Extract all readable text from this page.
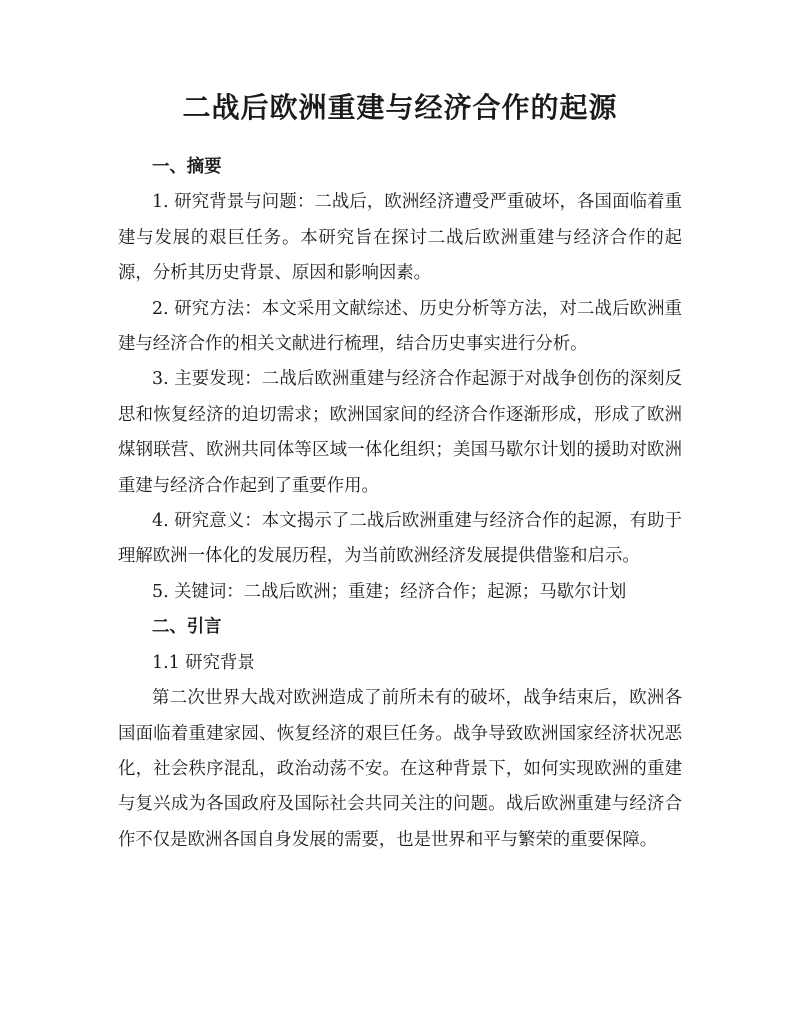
二战后欧洲重建与经济合作的起源

一、摘要

1. 研究背景与问题：二战后，欧洲经济遭受严重破坏，各国面临着重建与发展的艰巨任务。本研究旨在探讨二战后欧洲重建与经济合作的起源，分析其历史背景、原因和影响因素。

2. 研究方法：本文采用文献综述、历史分析等方法，对二战后欧洲重建与经济合作的相关文献进行梳理，结合历史事实进行分析。

3. 主要发现：二战后欧洲重建与经济合作起源于对战争创伤的深刻反思和恢复经济的迫切需求；欧洲国家间的经济合作逐渐形成，形成了欧洲煤钢联营、欧洲共同体等区域一体化组织；美国马歇尔计划的援助对欧洲重建与经济合作起到了重要作用。

4. 研究意义：本文揭示了二战后欧洲重建与经济合作的起源，有助于理解欧洲一体化的发展历程，为当前欧洲经济发展提供借鉴和启示。

5. 关键词：二战后欧洲；重建；经济合作；起源；马歇尔计划

二、引言

1.1 研究背景

第二次世界大战对欧洲造成了前所未有的破坏，战争结束后，欧洲各国面临着重建家园、恢复经济的艰巨任务。战争导致欧洲国家经济状况恶化，社会秩序混乱，政治动荡不安。在这种背景下，如何实现欧洲的重建与复兴成为各国政府及国际社会共同关注的问题。战后欧洲重建与经济合作不仅是欧洲各国自身发展的需要，也是世界和平与繁荣的重要保障。
